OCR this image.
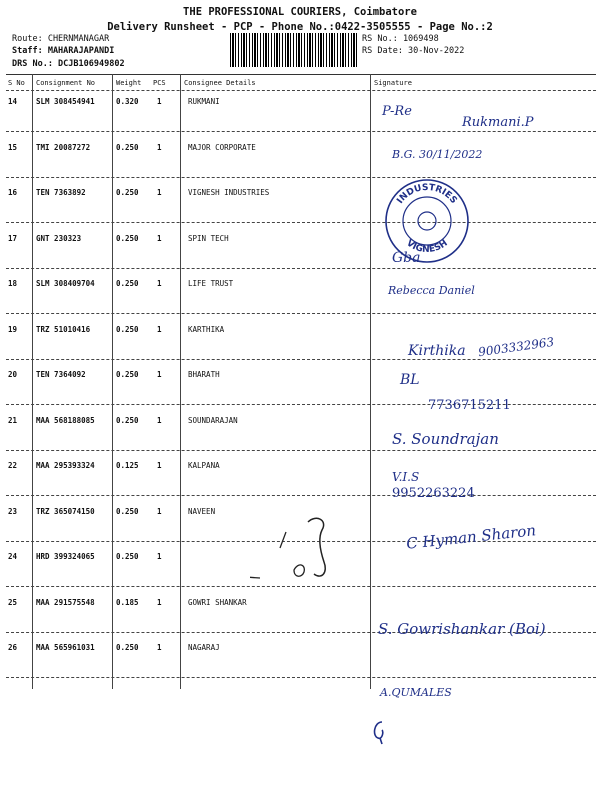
THE PROFESSIONAL COURIERS, Coimbatore
Delivery Runsheet - PCP - Phone No.:0422-3505555 - Page No.:2
Route: CHERNMANAGAR
Staff: MAHARAJAPANDI
DRS No.: DCJB106949802
RS No.: 1069498
RS Date: 30-Nov-2022
S No Consignment No	Weight PCS	Consignee Details	Signature
14	SLM 308454941	0.320 1	RUKMANI
15	TMI 20087272	0.250 1	MAJOR CORPORATE
16	TEN 7363892	0.250 1	VIGNESH INDUSTRIES
17	GNT 230323	0.250 1	SPIN TECH
18	SLM 308409704	0.250 1	LIFE TRUST
19	TRZ 51010416	0.250 1	KARTHIKA
20	TEN 7364092	0.250 1	BHARATH
21	MAA 568188085	0.250 1	SOUNDARAJAN
22	MAA 295393324	0.125 1	KALPANA
23	TRZ 365074150	0.250 1	NAVEEN
24	HRD 399324065	0.250 1
25	MAA 291575548	0.185 1	GOWRI SHANKAR
26	MAA 565961031	0.250 1	NAGARAJ
P-Re
Rukmani.P
B.G. 30/11/2022
INDUSTRIES
VIGNESH
Gba
Rebecca Daniel
Kirthika 9003332963
BL
7736715211
S. Soundrajan
V.I.S
9952263224
C Hyman Sharon
S. Gowrishankar (Boi)
A.QUMALES
